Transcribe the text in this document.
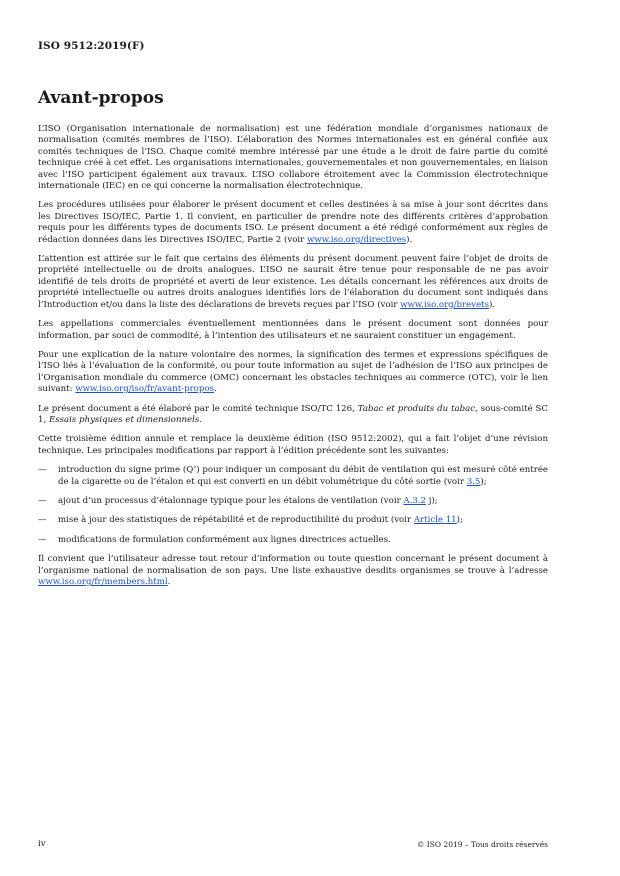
ISO 9512:2019(F)
Avant-propos

L’ISO (Organisation internationale de normalisation) est une fédération mondiale d’organismes nationaux de normalisation (comités membres de l’ISO). L’élaboration des Normes internationales est en général confiée aux comités techniques de l’ISO. Chaque comité membre intéressé par une étude a le droit de faire partie du comité technique créé à cet effet. Les organisations internationales, gouvernementales et non gouvernementales, en liaison avec l’ISO participent également aux travaux. L’ISO collabore étroitement avec la Commission électrotechnique internationale (IEC) en ce qui concerne la normalisation électrotechnique.

Les procédures utilisées pour élaborer le présent document et celles destinées à sa mise à jour sont décrites dans les Directives ISO/IEC, Partie 1. Il convient, en particulier de prendre note des différents critères d’approbation requis pour les différents types de documents ISO. Le présent document a été rédigé conformément aux règles de rédaction données dans les Directives ISO/IEC, Partie 2 (voir www.iso.org/directives).

L’attention est attirée sur le fait que certains des éléments du présent document peuvent faire l’objet de droits de propriété intellectuelle ou de droits analogues. L’ISO ne saurait être tenue pour responsable de ne pas avoir identifié de tels droits de propriété et averti de leur existence. Les détails concernant les références aux droits de propriété intellectuelle ou autres droits analogues identifiés lors de l’élaboration du document sont indiqués dans l’Introduction et/ou dans la liste des déclarations de brevets reçues par l’ISO (voir www.iso.org/brevets).

Les appellations commerciales éventuellement mentionnées dans le présent document sont données pour information, par souci de commodité, à l’intention des utilisateurs et ne sauraient constituer un engagement.

Pour une explication de la nature volontaire des normes, la signification des termes et expressions spécifiques de l’ISO liés à l’évaluation de la conformité, ou pour toute information au sujet de l’adhésion de l’ISO aux principes de l’Organisation mondiale du commerce (OMC) concernant les obstacles techniques au commerce (OTC), voir le lien suivant: www.iso.org/iso/fr/avant-propos.

Le présent document a été élaboré par le comité technique ISO/TC 126, Tabac et produits du tabac, sous-comité SC 1, Essais physiques et dimensionnels.

Cette troisième édition annule et remplace la deuxième édition (ISO 9512:2002), qui a fait l’objet d’une révision technique. Les principales modifications par rapport à l’édition précédente sont les suivantes:

—	introduction du signe prime (Q’) pour indiquer un composant du débit de ventilation qui est mesuré côté entrée de la cigarette ou de l’étalon et qui est converti en un débit volumétrique du côté sortie (voir 3.5);
—	ajout d’un processus d’étalonnage typique pour les étalons de ventilation (voir A.3.2 j);
—	mise à jour des statistiques de répétabilité et de reproductibilité du produit (voir Article 11);
—	modifications de formulation conformément aux lignes directrices actuelles.

Il convient que l’utilisateur adresse tout retour d’information ou toute question concernant le présent document à l’organisme national de normalisation de son pays. Une liste exhaustive desdits organismes se trouve à l’adresse www.iso.org/fr/members.html.

iv	© ISO 2019 – Tous droits réservés
